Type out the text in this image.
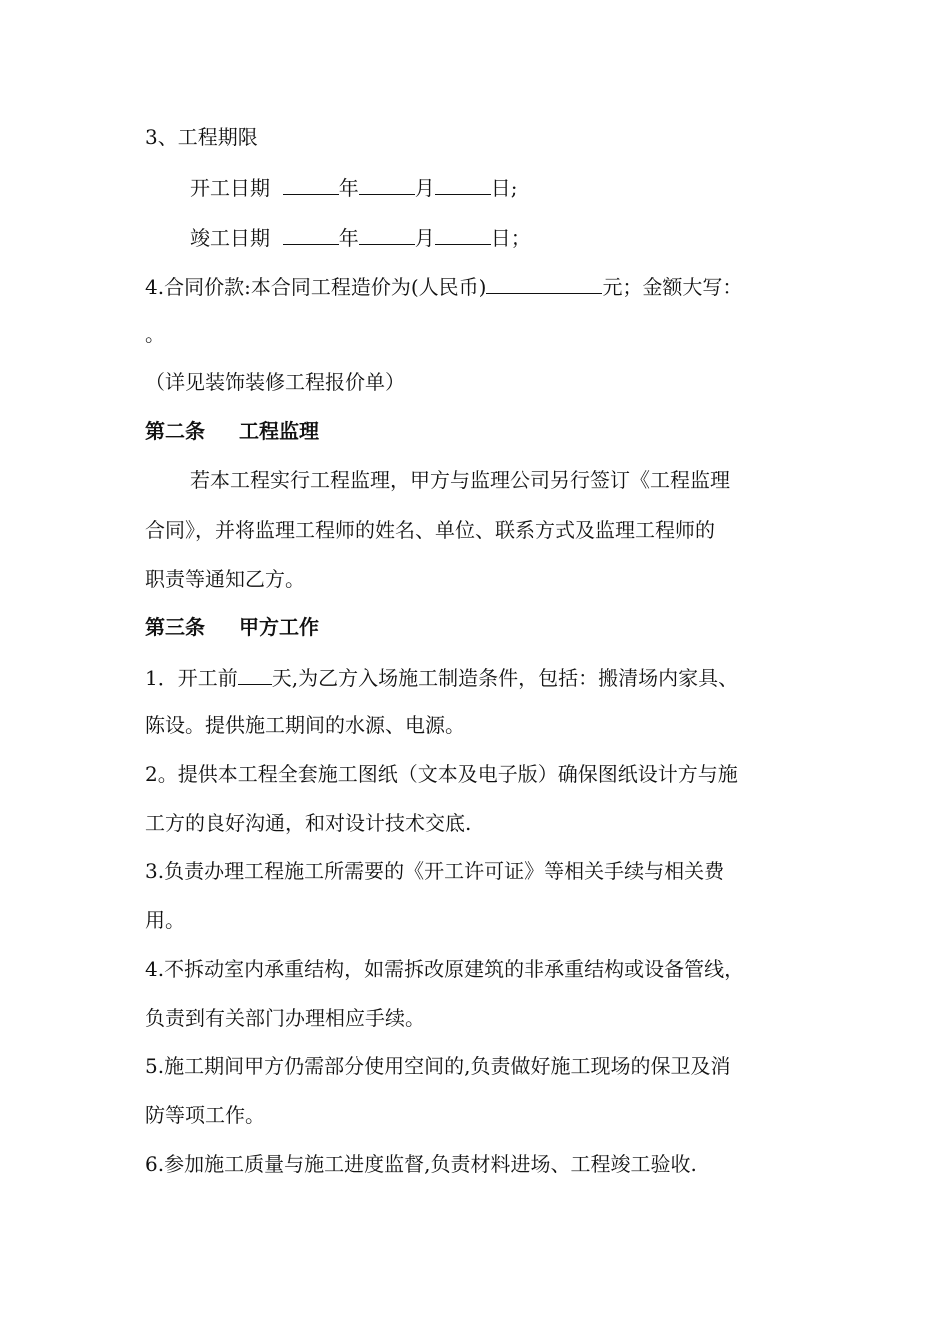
3、工程期限
开工日期	年	月	日;
竣工日期	年	月	日；
4.合同价款:本合同工程造价为(人民币)	元；金额大写：
。
（详见装饰装修工程报价单）
第二条 工程监理
若本工程实行工程监理，甲方与监理公司另行签订《工程监理
合同》，并将监理工程师的姓名、单位、联系方式及监理工程师的
职责等通知乙方。
第三条 甲方工作
1．开工前 天,为乙方入场施工制造条件，包括：搬清场内家具、
陈设。提供施工期间的水源、电源。
2。提供本工程全套施工图纸（文本及电子版）确保图纸设计方与施
工方的良好沟通，和对设计技术交底.
3.负责办理工程施工所需要的《开工许可证》等相关手续与相关费
用。
4.不拆动室内承重结构，如需拆改原建筑的非承重结构或设备管线，
负责到有关部门办理相应手续。
5.施工期间甲方仍需部分使用空间的,负责做好施工现场的保卫及消
防等项工作。
6.参加施工质量与施工进度监督,负责材料进场、工程竣工验收.
